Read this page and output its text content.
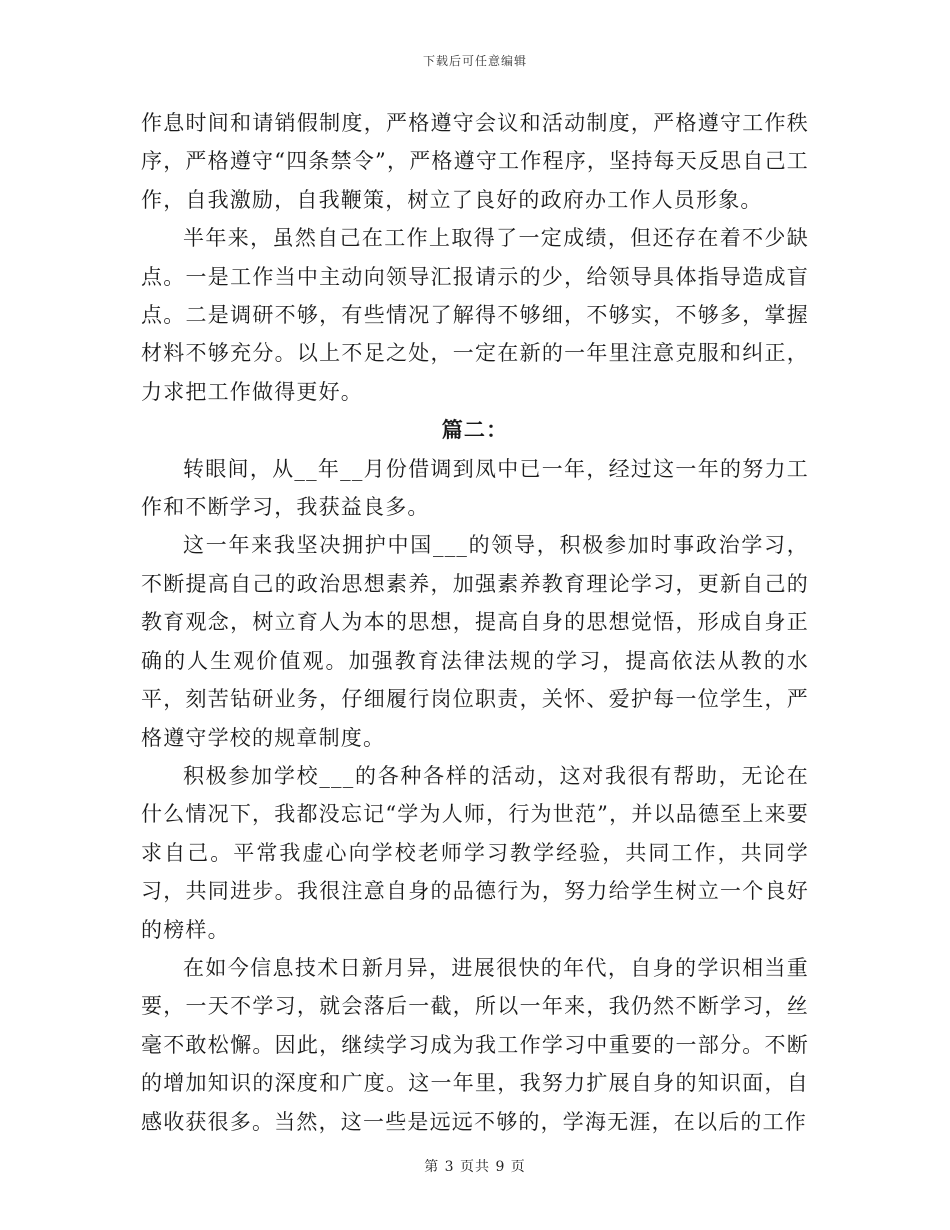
下载后可任意编辑

作息时间和请销假制度，严格遵守会议和活动制度，严格遵守工作秩序，严格遵守“四条禁令”，严格遵守工作程序，坚持每天反思自己工作，自我激励，自我鞭策，树立了良好的政府办工作人员形象。

半年来，虽然自己在工作上取得了一定成绩，但还存在着不少缺点。一是工作当中主动向领导汇报请示的少，给领导具体指导造成盲点。二是调研不够，有些情况了解得不够细，不够实，不够多，掌握材料不够充分。以上不足之处，一定在新的一年里注意克服和纠正，力求把工作做得更好。

篇二：

转眼间，从__年__月份借调到凤中已一年，经过这一年的努力工作和不断学习，我获益良多。

这一年来我坚决拥护中国___的领导，积极参加时事政治学习，不断提高自己的政治思想素养，加强素养教育理论学习，更新自己的教育观念，树立育人为本的思想，提高自身的思想觉悟，形成自身正确的人生观价值观。加强教育法律法规的学习，提高依法从教的水平，刻苦钻研业务，仔细履行岗位职责，关怀、爱护每一位学生，严格遵守学校的规章制度。

积极参加学校___的各种各样的活动，这对我很有帮助，无论在什么情况下，我都没忘记“学为人师，行为世范”，并以品德至上来要求自己。平常我虚心向学校老师学习教学经验，共同工作，共同学习，共同进步。我很注意自身的品德行为，努力给学生树立一个良好的榜样。

在如今信息技术日新月异，进展很快的年代，自身的学识相当重要，一天不学习，就会落后一截，所以一年来，我仍然不断学习，丝毫不敢松懈。因此，继续学习成为我工作学习中重要的一部分。不断的增加知识的深度和广度。这一年里，我努力扩展自身的知识面，自感收获很多。当然，这一些是远远不够的，学海无涯，在以后的工作

第 3 页共 9 页
